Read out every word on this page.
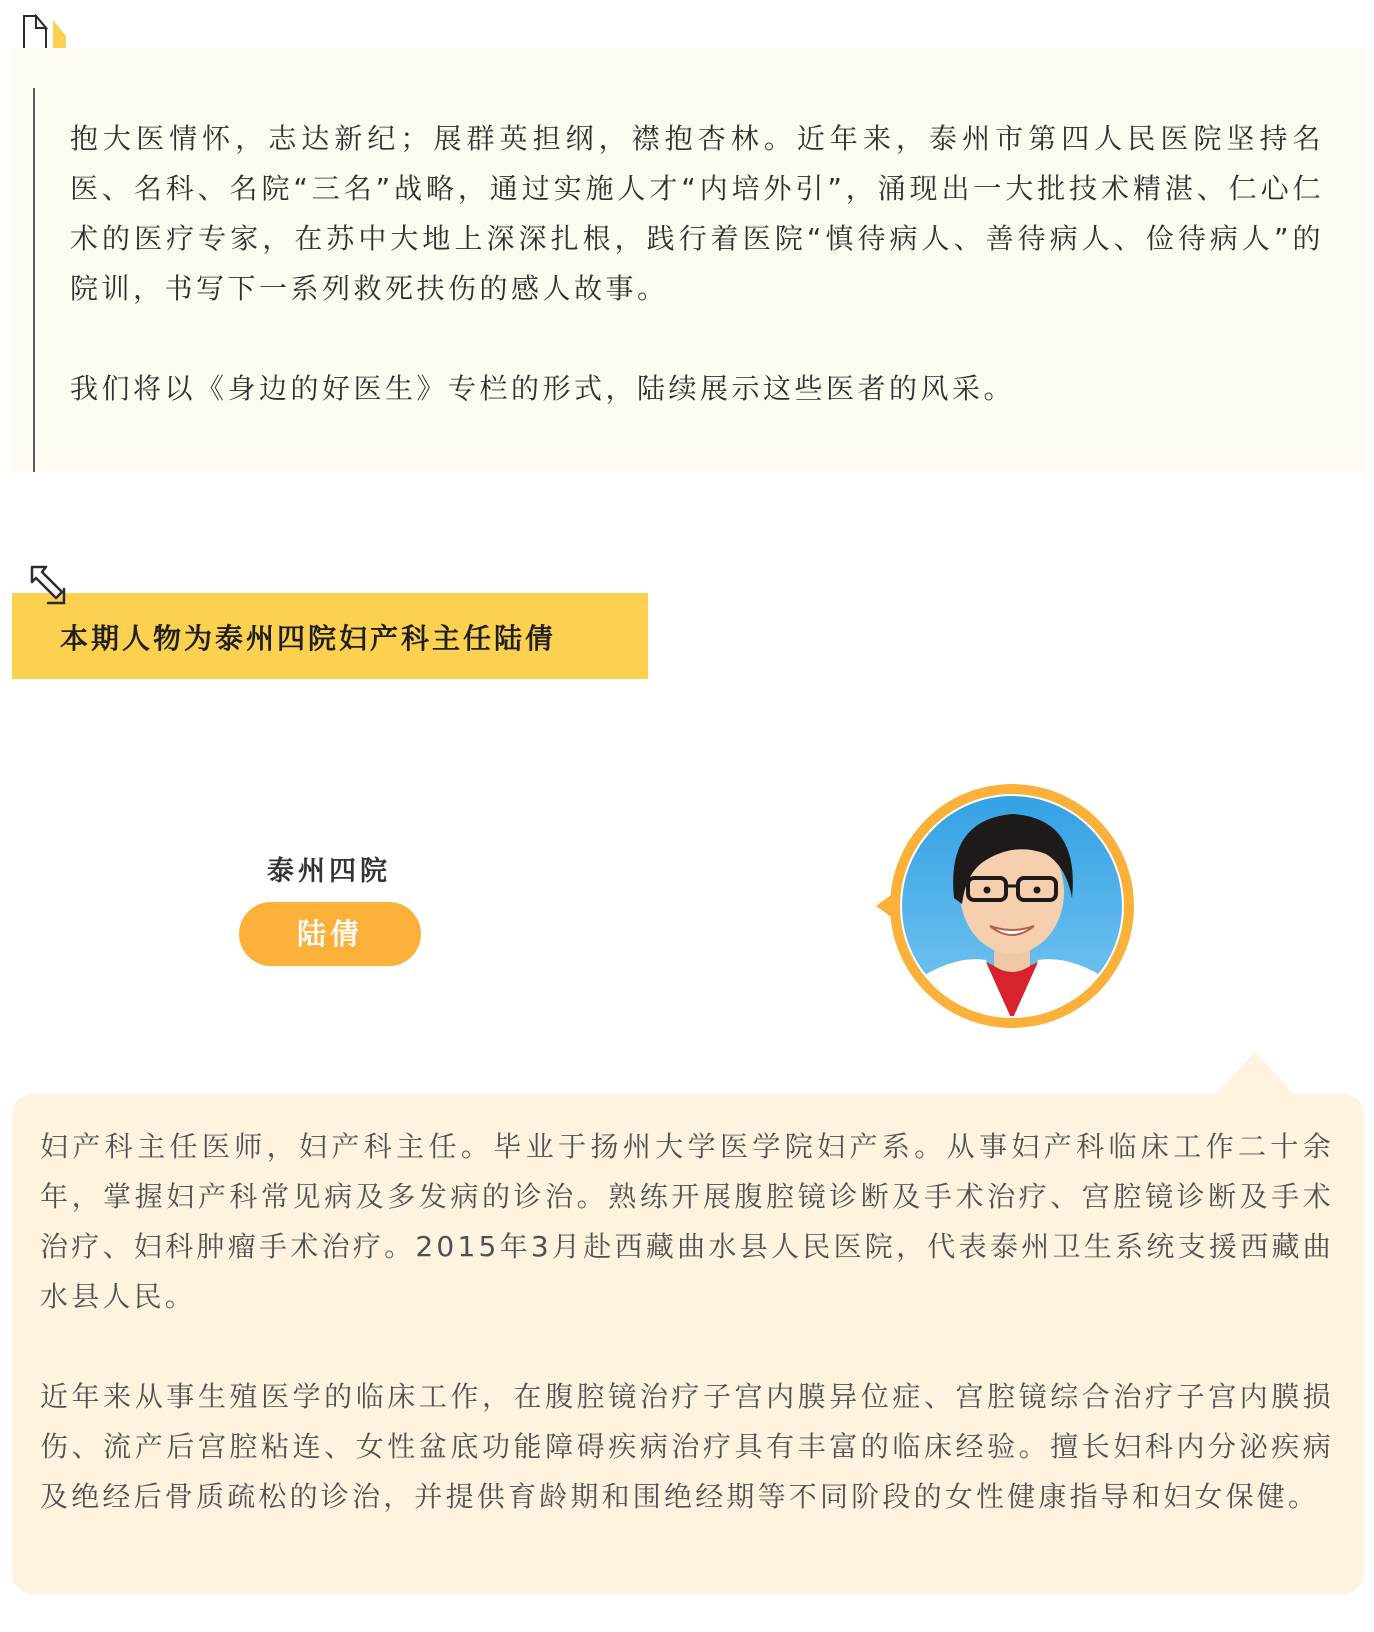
抱大医情怀，志达新纪；展群英担纲，襟抱杏林。近年来，泰州市第四人民医院坚持名医、名科、名院“三名”战略，通过实施人才“内培外引”，涌现出一大批技术精湛、仁心仁术的医疗专家，在苏中大地上深深扎根，践行着医院“慎待病人、善待病人、俭待病人”的院训，书写下一系列救死扶伤的感人故事。

我们将以《身边的好医生》专栏的形式，陆续展示这些医者的风采。

本期人物为泰州四院妇产科主任陆倩
泰州四院
陆倩

妇产科主任医师，妇产科主任。毕业于扬州大学医学院妇产系。从事妇产科临床工作二十余年，掌握妇产科常见病及多发病的诊治。熟练开展腹腔镜诊断及手术治疗、宫腔镜诊断及手术治疗、妇科肿瘤手术治疗。2015年3月赴西藏曲水县人民医院，代表泰州卫生系统支援西藏曲水县人民。

近年来从事生殖医学的临床工作，在腹腔镜治疗子宫内膜异位症、宫腔镜综合治疗子宫内膜损伤、流产后宫腔粘连、女性盆底功能障碍疾病治疗具有丰富的临床经验。擅长妇科内分泌疾病及绝经后骨质疏松的诊治，并提供育龄期和围绝经期等不同阶段的女性健康指导和妇女保健。
